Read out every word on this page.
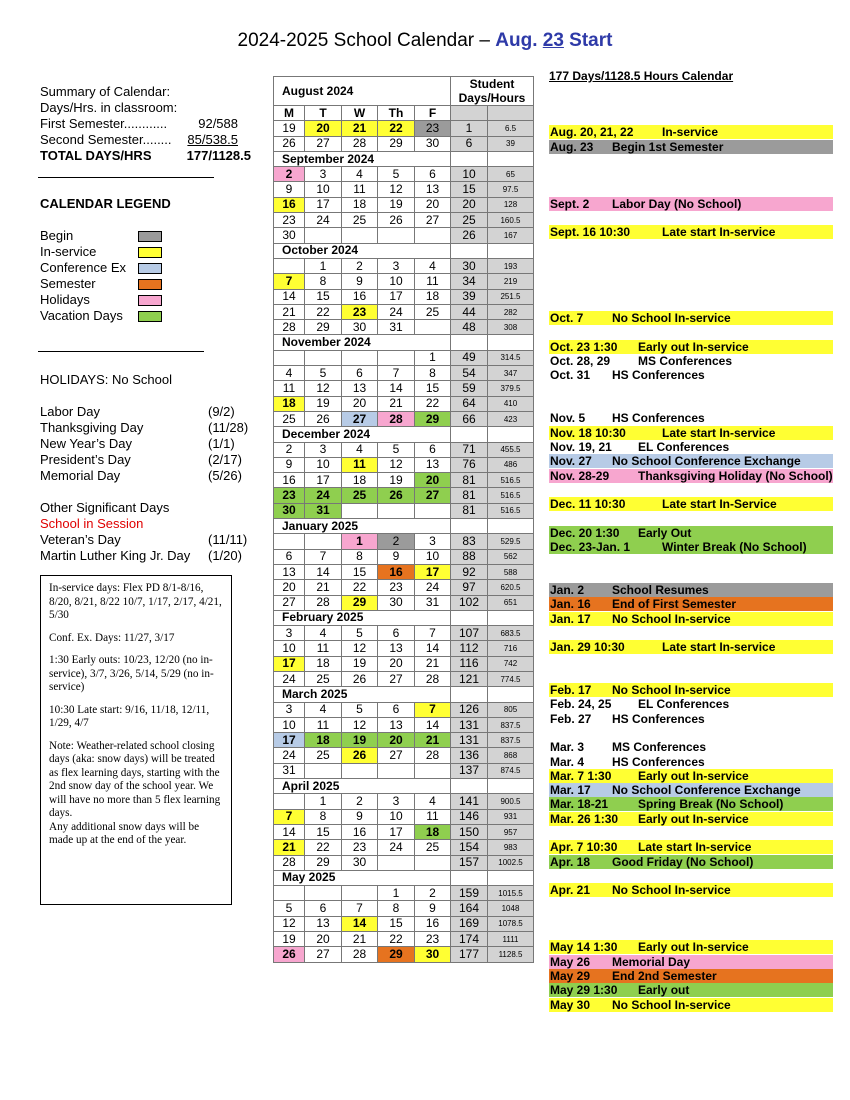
2024-2025 School Calendar – Aug. 23 Start
Summary of Calendar:
Days/Hrs. in classroom:
First Semester............ 92/588
Second Semester........ 85/538.5
TOTAL DAYS/HRS	177/1128.5
CALENDAR LEGEND
Begin
In-service
Conference Ex
Semester
Holidays
Vacation Days
HOLIDAYS: No School
Labor Day	(9/2)
Thanksgiving Day	(11/28)
New Year’s Day	(1/1)
President’s Day	(2/17)
Memorial Day	(5/26)
Other Significant Days
School in Session
Veteran’s Day	(11/11)
Martin Luther King Jr. Day	(1/20)

In-service days: Flex PD 8/1-8/16, 8/20, 8/21, 8/22 10/7, 1/17, 2/17, 4/21, 5/30

Conf. Ex. Days: 11/27, 3/17

1:30 Early outs: 10/23, 12/20 (no in-service), 3/7, 3/26, 5/14, 5/29 (no in-service)

10:30 Late start: 9/16, 11/18, 12/11, 1/29, 4/7

Note: Weather-related school closing days (aka: snow days) will be treated as flex learning days, starting with the 2nd snow day of the school year. We will have no more than 5 flex learning days.

Any additional snow days will be made up at the end of the year.

August 2024					Student Days/Hours	

M	T	W	Th	F		
19	20	21	22	23	1	6.5
26	27	28	29	30	6	39
September 2024						
2	3	4	5	6	10	65
9	10	11	12	13	15	97.5
16	17	18	19	20	20	128
23	24	25	26	27	25	160.5
30					26	167
October 2024						
	1	2	3	4	30	193
7	8	9	10	11	34	219
14	15	16	17	18	39	251.5
21	22	23	24	25	44	282
28	29	30	31		48	308
November 2024						
				1	49	314.5
4	5	6	7	8	54	347
11	12	13	14	15	59	379.5
18	19	20	21	22	64	410
25	26	27	28	29	66	423
December 2024						
2	3	4	5	6	71	455.5
9	10	11	12	13	76	486
16	17	18	19	20	81	516.5
23	24	25	26	27	81	516.5
30	31				81	516.5
January 2025						
		1	2	3	83	529.5
6	7	8	9	10	88	562
13	14	15	16	17	92	588
20	21	22	23	24	97	620.5
27	28	29	30	31	102	651
February 2025						
3	4	5	6	7	107	683.5
10	11	12	13	14	112	716
17	18	19	20	21	116	742
24	25	26	27	28	121	774.5
March 2025						
3	4	5	6	7	126	805
10	11	12	13	14	131	837.5
17	18	19	20	21	131	837.5
24	25	26	27	28	136	868
31					137	874.5
April 2025						
	1	2	3	4	141	900.5
7	8	9	10	11	146	931
14	15	16	17	18	150	957
21	22	23	24	25	154	983
28	29	30			157	1002.5
May 2025						
			1	2	159	1015.5
5	6	7	8	9	164	1048
12	13	14	15	16	169	1078.5
19	20	21	22	23	174	1111
26	27	28	29	30	177	1128.5
177 Days/1128.5 Hours Calendar
Aug. 20, 21, 22 In-service
Aug. 23 Begin 1st Semester
Sept. 2 Labor Day (No School)
Sept. 16 10:30	Late start In-service
Oct. 7 No School In-service
Oct. 23 1:30 Early out In-service
Oct. 28, 29 MS Conferences
Oct. 31 HS Conferences
Nov. 5 HS Conferences
Nov. 18 10:30	Late start In-service
Nov. 19, 21 EL Conferences
Nov. 27 No School Conference Exchange
Nov. 28-29 Thanksgiving Holiday (No School)
Dec. 11 10:30	Late start In-Service
Dec. 20 1:30 Early Out
Dec. 23-Jan. 1	Winter Break (No School)
Jan. 2 School Resumes
Jan. 16 End of First Semester
Jan. 17 No School In-service
Jan. 29 10:30	Late start In-service
Feb. 17 No School In-service
Feb. 24, 25 EL Conferences
Feb. 27 HS Conferences
Mar. 3 MS Conferences
Mar. 4 HS Conferences
Mar. 7 1:30 Early out In-service
Mar. 17 No School Conference Exchange
Mar. 18-21 Spring Break (No School)
Mar. 26 1:30 Early out In-service
Apr. 7 10:30 Late start In-service
Apr. 18 Good Friday (No School)
Apr. 21 No School In-service
May 14 1:30 Early out In-service
May 26 Memorial Day
May 29 End 2nd Semester
May 29 1:30 Early out
May 30 No School In-service
